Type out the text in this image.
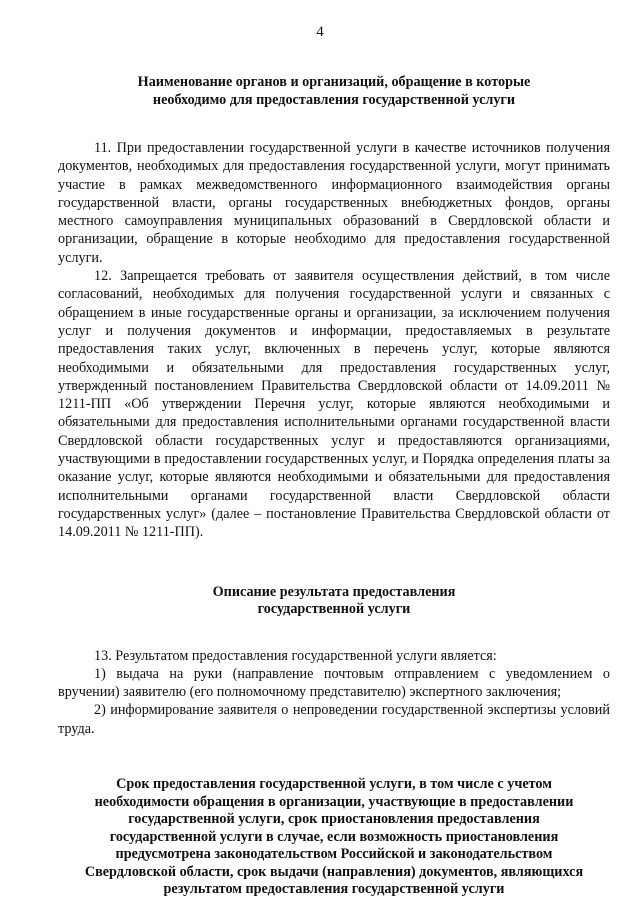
4

Наименование органов и организаций, обращение в которые

необходимо для предоставления государственной услуги

11. При предоставлении государственной услуги в качестве источников получения документов, необходимых для предоставления государственной услуги, могут принимать участие в рамках межведомственного информационного взаимодействия органы государственной власти, органы государственных внебюджетных фондов, органы местного самоуправления муниципальных образований в Свердловской области и организации, обращение в которые необходимо для предоставления государственной услуги.

12. Запрещается требовать от заявителя осуществления действий, в том числе согласований, необходимых для получения государственной услуги и связанных с обращением в иные государственные органы и организации, за исключением получения услуг и получения документов и информации, предоставляемых в результате предоставления таких услуг, включенных в перечень услуг, которые являются необходимыми и обязательными для предоставления государственных услуг, утвержденный постановлением Правительства Свердловской области от 14.09.2011 № 1211-ПП «Об утверждении Перечня услуг, которые являются необходимыми и обязательными для предоставления исполнительными органами государственной власти Свердловской области государственных услуг и предоставляются организациями, участвующими в предоставлении государственных услуг, и Порядка определения платы за оказание услуг, которые являются необходимыми и обязательными для предоставления исполнительными органами государственной власти Свердловской области государственных услуг» (далее – постановление Правительства Свердловской области от 14.09.2011 № 1211-ПП).

Описание результата предоставления

государственной услуги

13. Результатом предоставления государственной услуги является:

1) выдача на руки (направление почтовым отправлением с уведомлением о вручении) заявителю (его полномочному представителю) экспертного заключения;

2) информирование заявителя о непроведении государственной экспертизы условий труда.

Срок предоставления государственной услуги, в том числе с учетом

необходимости обращения в организации, участвующие в предоставлении

государственной услуги, срок приостановления предоставления

государственной услуги в случае, если возможность приостановления

предусмотрена законодательством Российской и законодательством

Свердловской области, срок выдачи (направления) документов, являющихся

результатом предоставления государственной услуги
